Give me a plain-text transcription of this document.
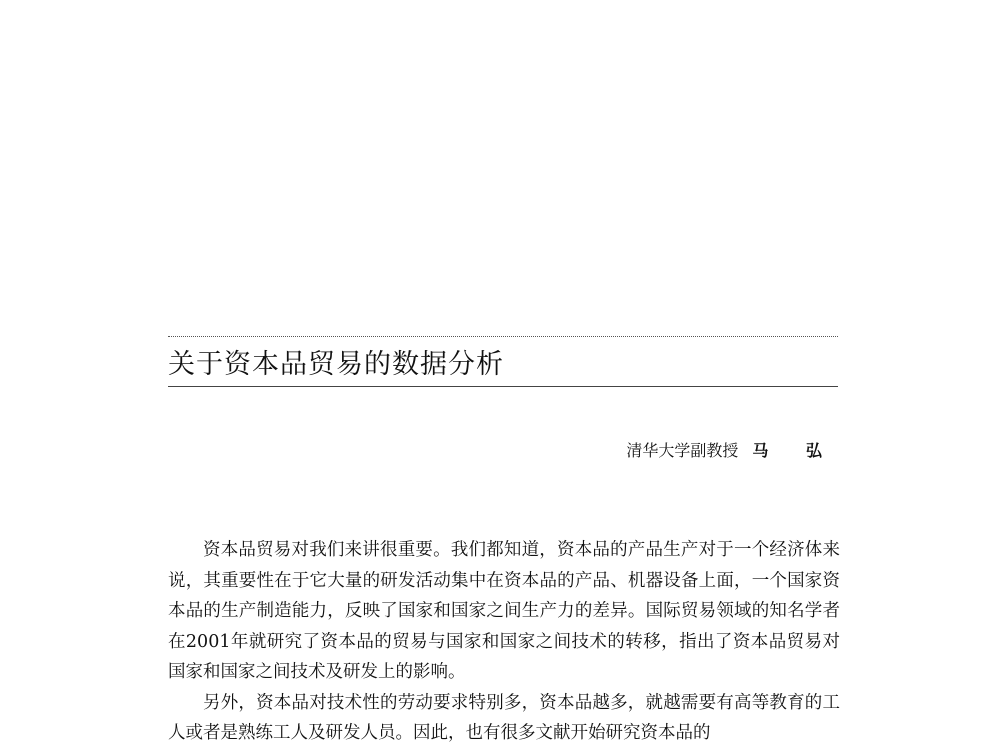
关于资本品贸易的数据分析
清华大学副教授 马 弘

资本品贸易对我们来讲很重要。我们都知道，资本品的产品生产对于一个经济体来说，其重要性在于它大量的研发活动集中在资本品的产品、机器设备上面，一个国家资本品的生产制造能力，反映了国家和国家之间生产力的差异。国际贸易领域的知名学者在2001年就研究了资本品的贸易与国家和国家之间技术的转移，指出了资本品贸易对国家和国家之间技术及研发上的影响。

另外，资本品对技术性的劳动要求特别多，资本品越多，就越需要有高等教育的工人或者是熟练工人及研发人员。因此，也有很多文献开始研究资本品的
